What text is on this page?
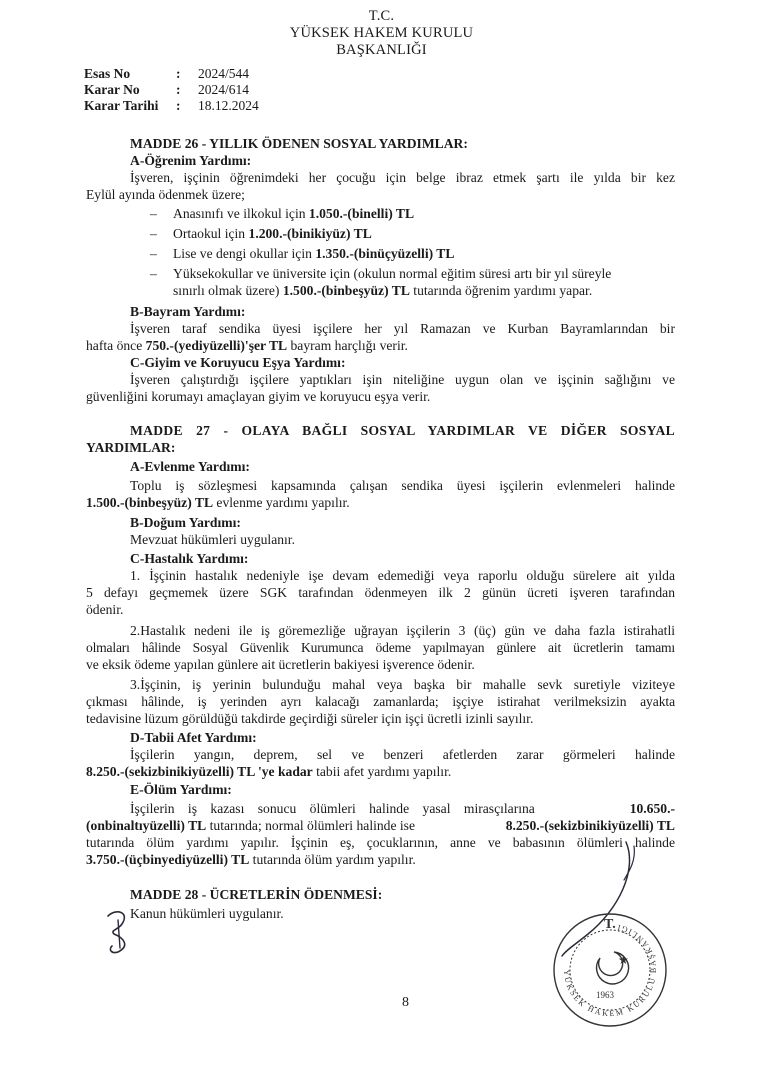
T.C.
YÜKSEK HAKEM KURULU
BAŞKANLIĞI
Esas No	:	2024/544
Karar No	:	2024/614
Karar Tarihi	:	18.12.2024
MADDE 26 - YILLIK ÖDENEN SOSYAL YARDIMLAR:
A-Öğrenim Yardımı:
İşveren, işçinin öğrenimdeki her çocuğu için belge ibraz etmek şartı ile yılda bir kez
Eylül ayında ödenmek üzere;
– Anasınıfı ve ilkokul için 1.050.-(binelli) TL
– Ortaokul için 1.200.-(binikiyüz) TL
– Lise ve dengi okullar için 1.350.-(binüçyüzelli) TL
– Yüksekokullar ve üniversite için (okulun normal eğitim süresi artı bir yıl süreyle
sınırlı olmak üzere) 1.500.-(binbeşyüz) TL tutarında öğrenim yardımı yapar.
B-Bayram Yardımı:
İşveren taraf sendika üyesi işçilere her yıl Ramazan ve Kurban Bayramlarından bir
hafta önce 750.-(yediyüzelli)'şer TL bayram harçlığı verir.
C-Giyim ve Koruyucu Eşya Yardımı:
İşveren çalıştırdığı işçilere yaptıkları işin niteliğine uygun olan ve işçinin sağlığını ve
güvenliğini korumayı amaçlayan giyim ve koruyucu eşya verir.
MADDE 27 - OLAYA BAĞLI SOSYAL YARDIMLAR VE DİĞER SOSYAL
YARDIMLAR:
A-Evlenme Yardımı:
Toplu iş sözleşmesi kapsamında çalışan sendika üyesi işçilerin evlenmeleri halinde
1.500.-(binbeşyüz) TL evlenme yardımı yapılır.
B-Doğum Yardımı:
Mevzuat hükümleri uygulanır.
C-Hastalık Yardımı:
1. İşçinin hastalık nedeniyle işe devam edemediği veya raporlu olduğu sürelere ait yılda
5 defayı geçmemek üzere SGK tarafından ödenmeyen ilk 2 günün ücreti işveren tarafından
ödenir.
2.Hastalık nedeni ile iş göremezliğe uğrayan işçilerin 3 (üç) gün ve daha fazla istirahatli
olmaları hâlinde Sosyal Güvenlik Kurumunca ödeme yapılmayan günlere ait ücretlerin tamamı
ve eksik ödeme yapılan günlere ait ücretlerin bakiyesi işverence ödenir.
3.İşçinin, iş yerinin bulunduğu mahal veya başka bir mahalle sevk suretiyle viziteye
çıkması hâlinde, iş yerinden ayrı kalacağı zamanlarda; işçiye istirahat verilmeksizin ayakta
tedavisine lüzum görüldüğü takdirde geçirdiği süreler için işçi ücretli izinli sayılır.
D-Tabii Afet Yardımı:
İşçilerin yangın, deprem, sel ve benzeri afetlerden zarar görmeleri halinde
8.250.-(sekizbinikiyüzelli) TL 'ye kadar tabii afet yardımı yapılır.
E-Ölüm Yardımı:
İşçilerin iş kazası sonucu ölümleri halinde yasal mirasçılarına	10.650.-
(onbinaltıyüzelli) TL tutarında; normal ölümleri halinde ise	8.250.-(sekizbinikiyüzelli) TL
tutarında ölüm yardımı yapılır. İşçinin eş, çocuklarının, anne ve babasının ölümleri halinde
3.750.-(üçbinyediyüzelli) TL tutarında ölüm yardım yapılır.
MADDE 28 - ÜCRETLERİN ÖDENMESİ:
Kanun hükümleri uygulanır.
T.
★
1963
YÜKSEK HAKEM KURULU BAŞKANLIĞI
8
